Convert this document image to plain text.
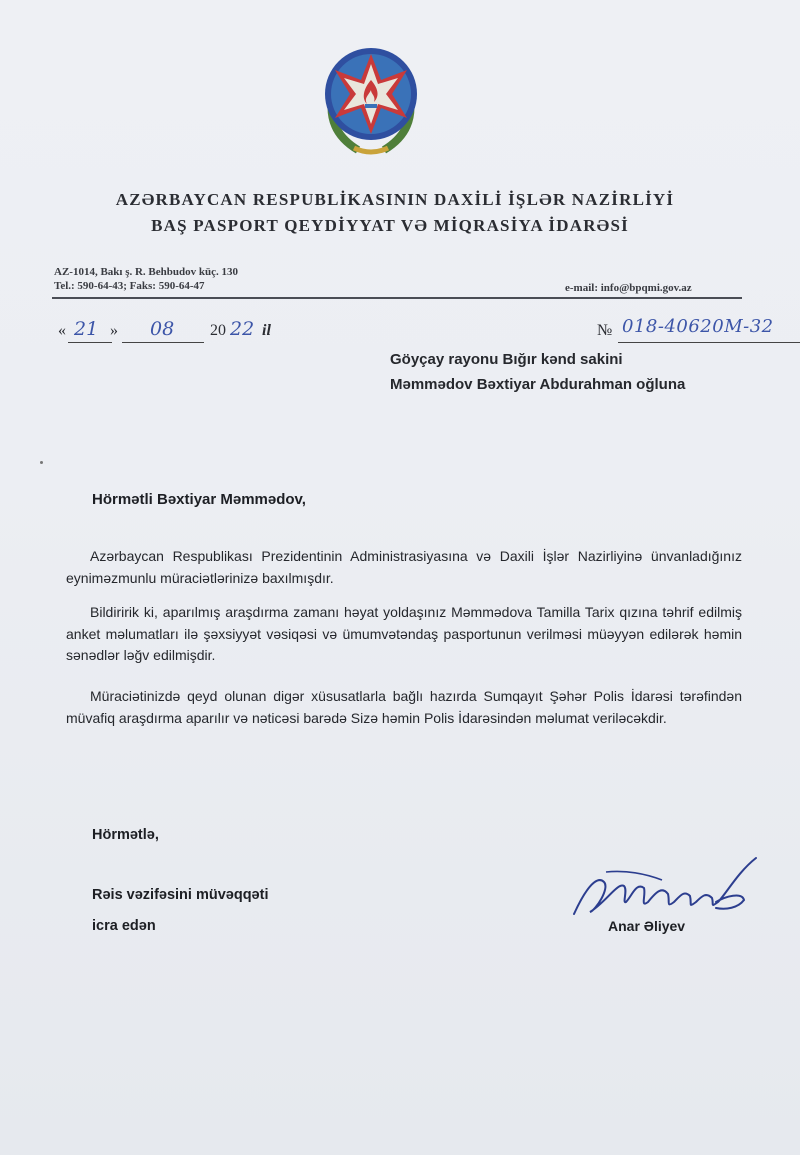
AZƏRBAYCAN RESPUBLİKASININ DAXİLİ İŞLƏR NAZİRLİYİ
BAŞ PASPORT QEYDİYYAT VƏ MİQRASİYA İDARƏSİ
AZ-1014, Bakı ş. R. Behbudov küç. 130
Tel.: 590-64-43; Faks: 590-64-47	e-mail: info@bpqmi.gov.az
« 21 » 08 20 22 il	№ 018-40620M-32
Göyçay rayonu Bığır kənd sakini
Məmmədov Bəxtiyar Abdurahman oğluna
Hörmətli Bəxtiyar Məmmədov,

Azərbaycan Respublikası Prezidentinin Administrasiyasına və Daxili İşlər Nazirliyinə ünvanladığınız eyniməzmunlu müraciətlərinizə baxılmışdır.

Bildiririk ki, aparılmış araşdırma zamanı həyat yoldaşınız Məmmədova Tamilla Tarix qızına təhrif edilmiş anket məlumatları ilə şəxsiyyət vəsiqəsi və ümumvətəndaş pasportunun verilməsi müəyyən edilərək həmin sənədlər ləğv edilmişdir.

Müraciətinizdə qeyd olunan digər xüsusatlarla bağlı hazırda Sumqayıt Şəhər Polis İdarəsi tərəfindən müvafiq araşdırma aparılır və nəticəsi barədə Sizə həmin Polis İdarəsindən məlumat veriləcəkdir.

Hörmətlə,
Rəis vəzifəsini müvəqqəti
icra edən	Anar Əliyev
